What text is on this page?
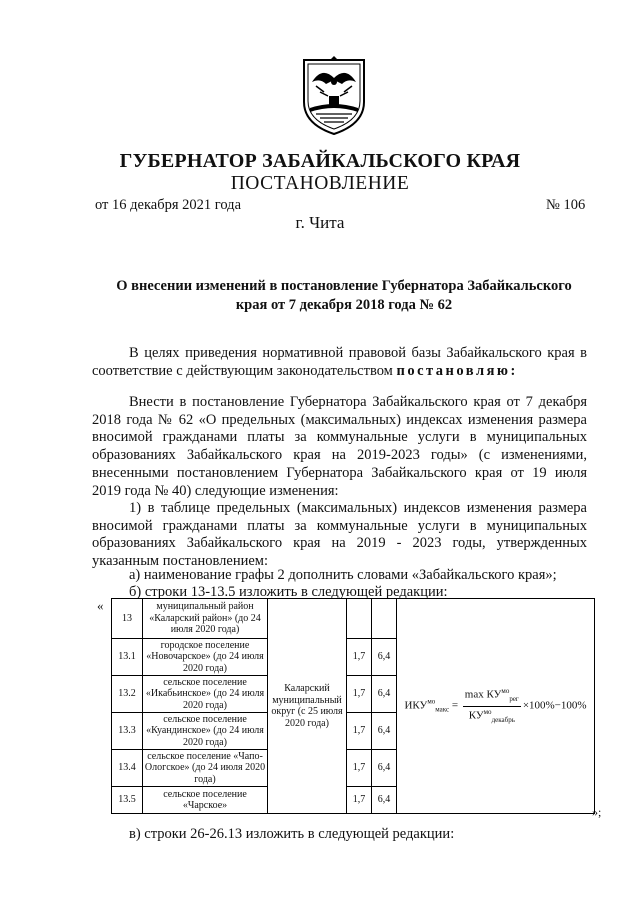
ГУБЕРНАТОР ЗАБАЙКАЛЬСКОГО КРАЯ
ПОСТАНОВЛЕНИЕ
от 16 декабря 2021 года	№ 106
г. Чита
О внесении изменений в постановление Губернатора Забайкальского края от 7 декабря 2018 года № 62
В целях приведения нормативной правовой базы Забайкальского края в соответствие с действующим законодательством постановляю:
Внести в постановление Губернатора Забайкальского края от 7 декабря 2018 года № 62 «О предельных (максимальных) индексах изменения размера вносимой гражданами платы за коммунальные услуги в муниципальных образованиях Забайкальского края на 2019-2023 годы» (с изменениями, внесенными постановлением Губернатора Забайкальского края от 19 июля 2019 года № 40) следующие изменения:
1) в таблице предельных (максимальных) индексов изменения размера вносимой гражданами платы за коммунальные услуги в муниципальных образованиях Забайкальского края на 2019 - 2023 годы, утвержденных указанным постановлением:
а) наименование графы 2 дополнить словами «Забайкальского края»;
б) строки 13-13.5 изложить в следующей редакции:
«
13	муниципальный район «Каларский район» (до 24 июля 2020 года)	Каларский муниципальный округ (с 25 июля 2020 года)			$ИКУ^{мо}_{макс} = \frac{\max КУ^{мо}_{рег}}{КУ^{мо}_{декабрь}} \times 100\%-100\%$

13.1	городское поселение «Новочарское» (до 24 июля 2020 года)		1,7	6,4	
13.2	сельское поселение «Икабьинское» (до 24 июля 2020 года)		1,7	6,4	
13.3	сельское поселение «Куандинское» (до 24 июля 2020 года)		1,7	6,4	
13.4	сельское поселение «Чапо-Ологское» (до 24 июля 2020 года)		1,7	6,4	
13.5	сельское поселение «Чарское»		1,7	6,4	
»;
в) строки 26-26.13 изложить в следующей редакции:
